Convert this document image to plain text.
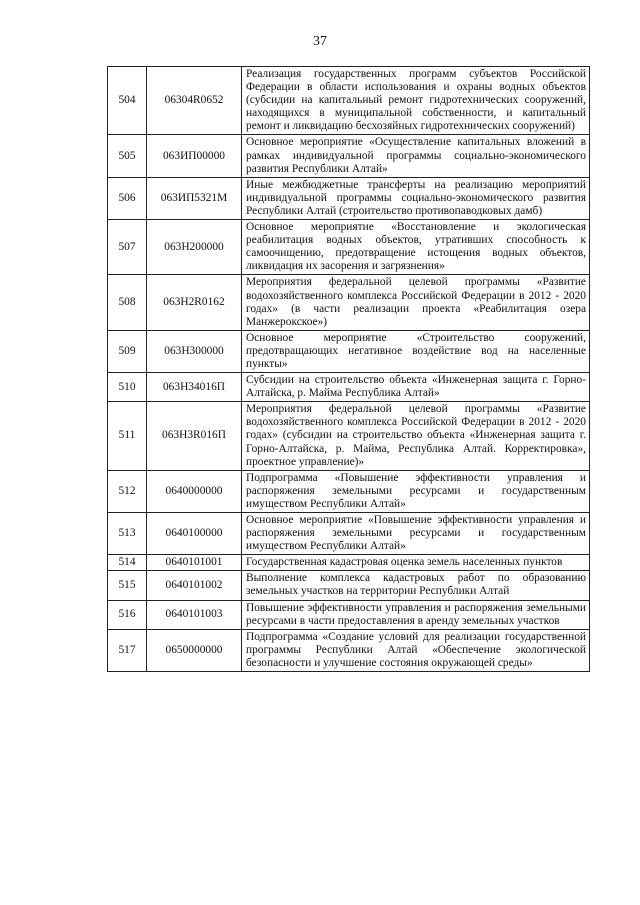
37
504	06304R0652	Реализация государственных программ субъектов Российской Федерации в области использования и охраны водных объектов (субсидии на капитальный ремонт гидротехнических сооружений, находящихся в муниципальной собственности, и капитальный ремонт и ликвидацию бесхозяйных гидротехнических сооружений)
505	063ИП00000	Основное мероприятие «Осуществление капитальных вложений в рамках индивидуальной программы социально-экономического развития Республики Алтай»
506	063ИП5321М	Иные межбюджетные трансферты на реализацию мероприятий индивидуальной программы социально-экономического развития Республики Алтай (строительство противопаводковых дамб)
507	063Н200000	Основное мероприятие «Восстановление и экологическая реабилитация водных объектов, утративших способность к самоочищению, предотвращение истощения водных объектов, ликвидация их засорения и загрязнения»
508	063Н2R0162	Мероприятия федеральной целевой программы «Развитие водохозяйственного комплекса Российской Федерации в 2012 - 2020 годах» (в части реализации проекта «Реабилитация озера Манжерокское»)
509	063Н300000	Основное мероприятие «Строительство сооружений, предотвращающих негативное воздействие вод на населенные пункты»
510	063Н34016П	Субсидии на строительство объекта «Инженерная защита г. Горно-Алтайска, р. Майма Республика Алтай»
511	063Н3R016П	Мероприятия федеральной целевой программы «Развитие водохозяйственного комплекса Российской Федерации в 2012 - 2020 годах» (субсидии на строительство объекта «Инженерная защита г. Горно-Алтайска, р. Майма, Республика Алтай. Корректировка», проектное управление)»
512	0640000000	Подпрограмма «Повышение эффективности управления и распоряжения земельными ресурсами и государственным имуществом Республики Алтай»
513	0640100000	Основное мероприятие «Повышение эффективности управления и распоряжения земельными ресурсами и государственным имуществом Республики Алтай»
514	0640101001	Государственная кадастровая оценка земель населенных пунктов
515	0640101002	Выполнение комплекса кадастровых работ по образованию земельных участков на территории Республики Алтай
516	0640101003	Повышение эффективности управления и распоряжения земельными ресурсами в части предоставления в аренду земельных участков
517	0650000000	Подпрограмма «Создание условий для реализации государственной программы Республики Алтай «Обеспечение экологической безопасности и улучшение состояния окружающей среды»
